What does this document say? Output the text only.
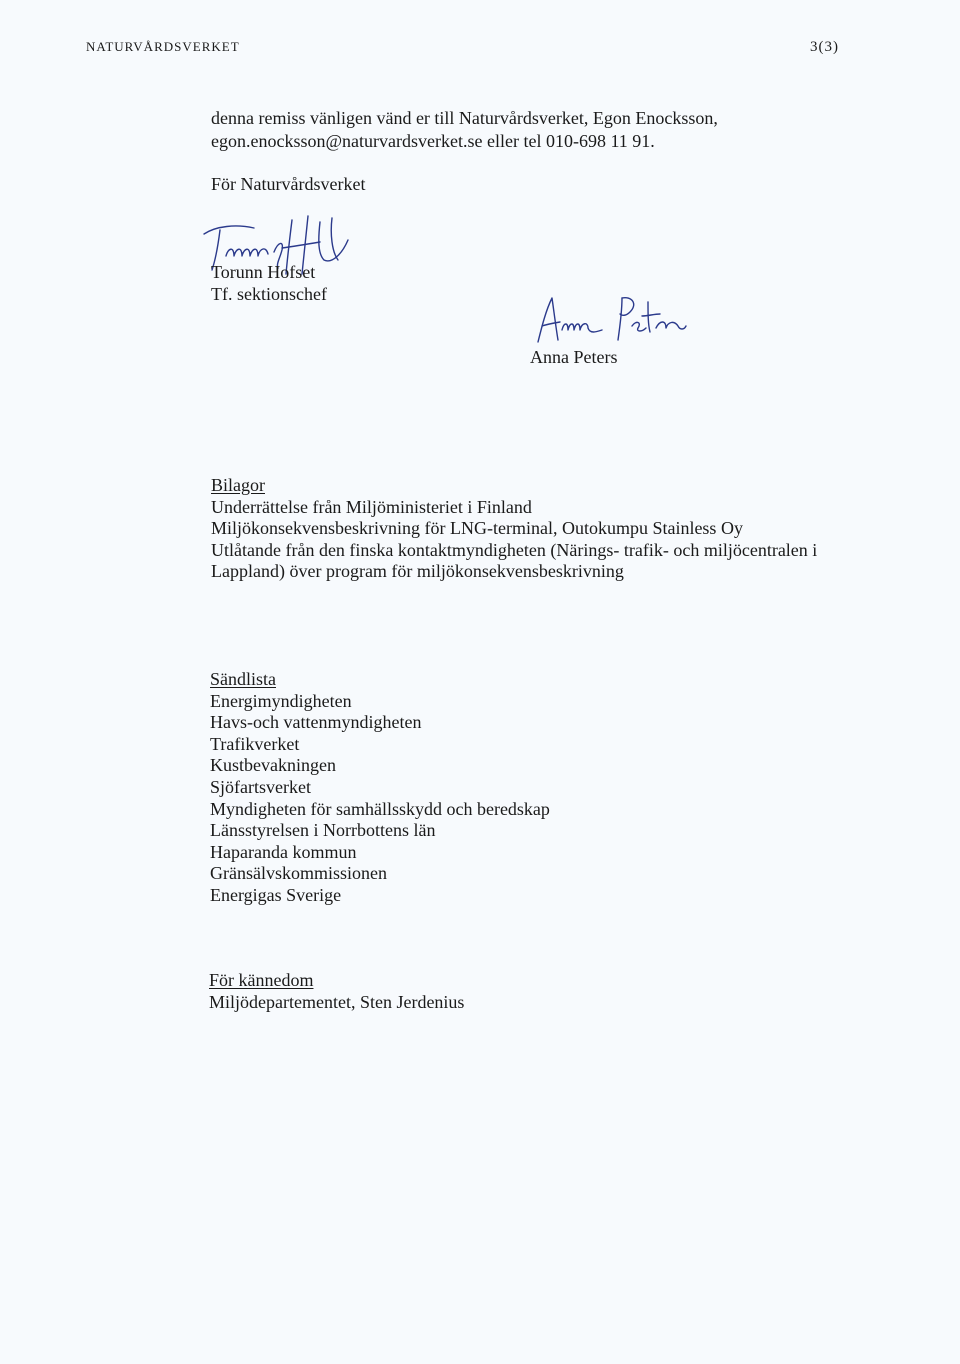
NATURVÅRDSVERKET	3(3)
denna remiss vänligen vänd er till Naturvårdsverket, Egon Enocksson,
egon.enocksson@naturvardsverket.se eller tel 010-698 11 91.
För Naturvårdsverket
Torunn Hofset
Tf. sektionschef
Anna Peters
Bilagor
Underrättelse från Miljöministeriet i Finland
Miljökonsekvensbeskrivning för LNG-terminal, Outokumpu Stainless Oy
Utlåtande från den finska kontaktmyndigheten (Närings- trafik- och miljöcentralen i
Lappland) över program för miljökonsekvensbeskrivning
Sändlista
Energimyndigheten
Havs-och vattenmyndigheten
Trafikverket
Kustbevakningen
Sjöfartsverket
Myndigheten för samhällsskydd och beredskap
Länsstyrelsen i Norrbottens län
Haparanda kommun
Gränsälvskommissionen
Energigas Sverige
För kännedom
Miljödepartementet, Sten Jerdenius
